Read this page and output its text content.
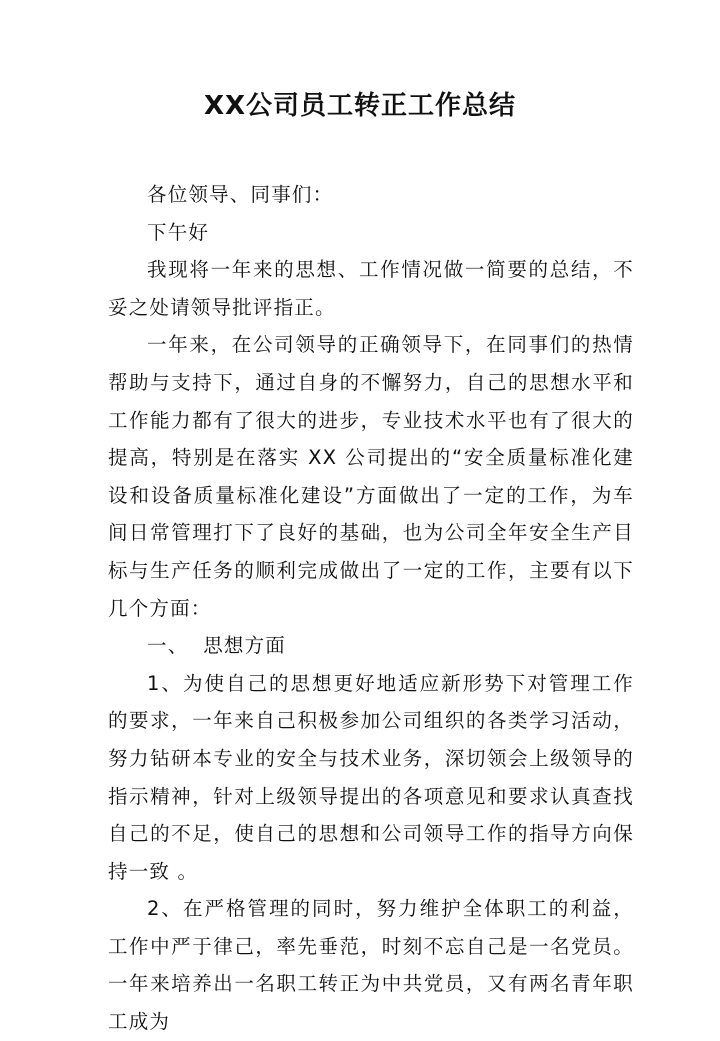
XX公司员工转正工作总结

各位领导、同事们：

下午好

我现将一年来的思想、工作情况做一简要的总结，不妥之处请领导批评指正。

一年来，在公司领导的正确领导下，在同事们的热情帮助与支持下，通过自身的不懈努力，自己的思想水平和工作能力都有了很大的进步，专业技术水平也有了很大的提高，特别是在落实 XX 公司提出的“安全质量标准化建设和设备质量标准化建设”方面做出了一定的工作，为车间日常管理打下了良好的基础，也为公司全年安全生产目标与生产任务的顺利完成做出了一定的工作，主要有以下几个方面：

一、  思想方面

1、为使自己的思想更好地适应新形势下对管理工作的要求，一年来自己积极参加公司组织的各类学习活动，努力钻研本专业的安全与技术业务，深切领会上级领导的指示精神，针对上级领导提出的各项意见和要求认真查找自己的不足，使自己的思想和公司领导工作的指导方向保持一致 。

2、在严格管理的同时，努力维护全体职工的利益，工作中严于律己，率先垂范，时刻不忘自己是一名党员。一年来培养出一名职工转正为中共党员，又有两名青年职工成为
